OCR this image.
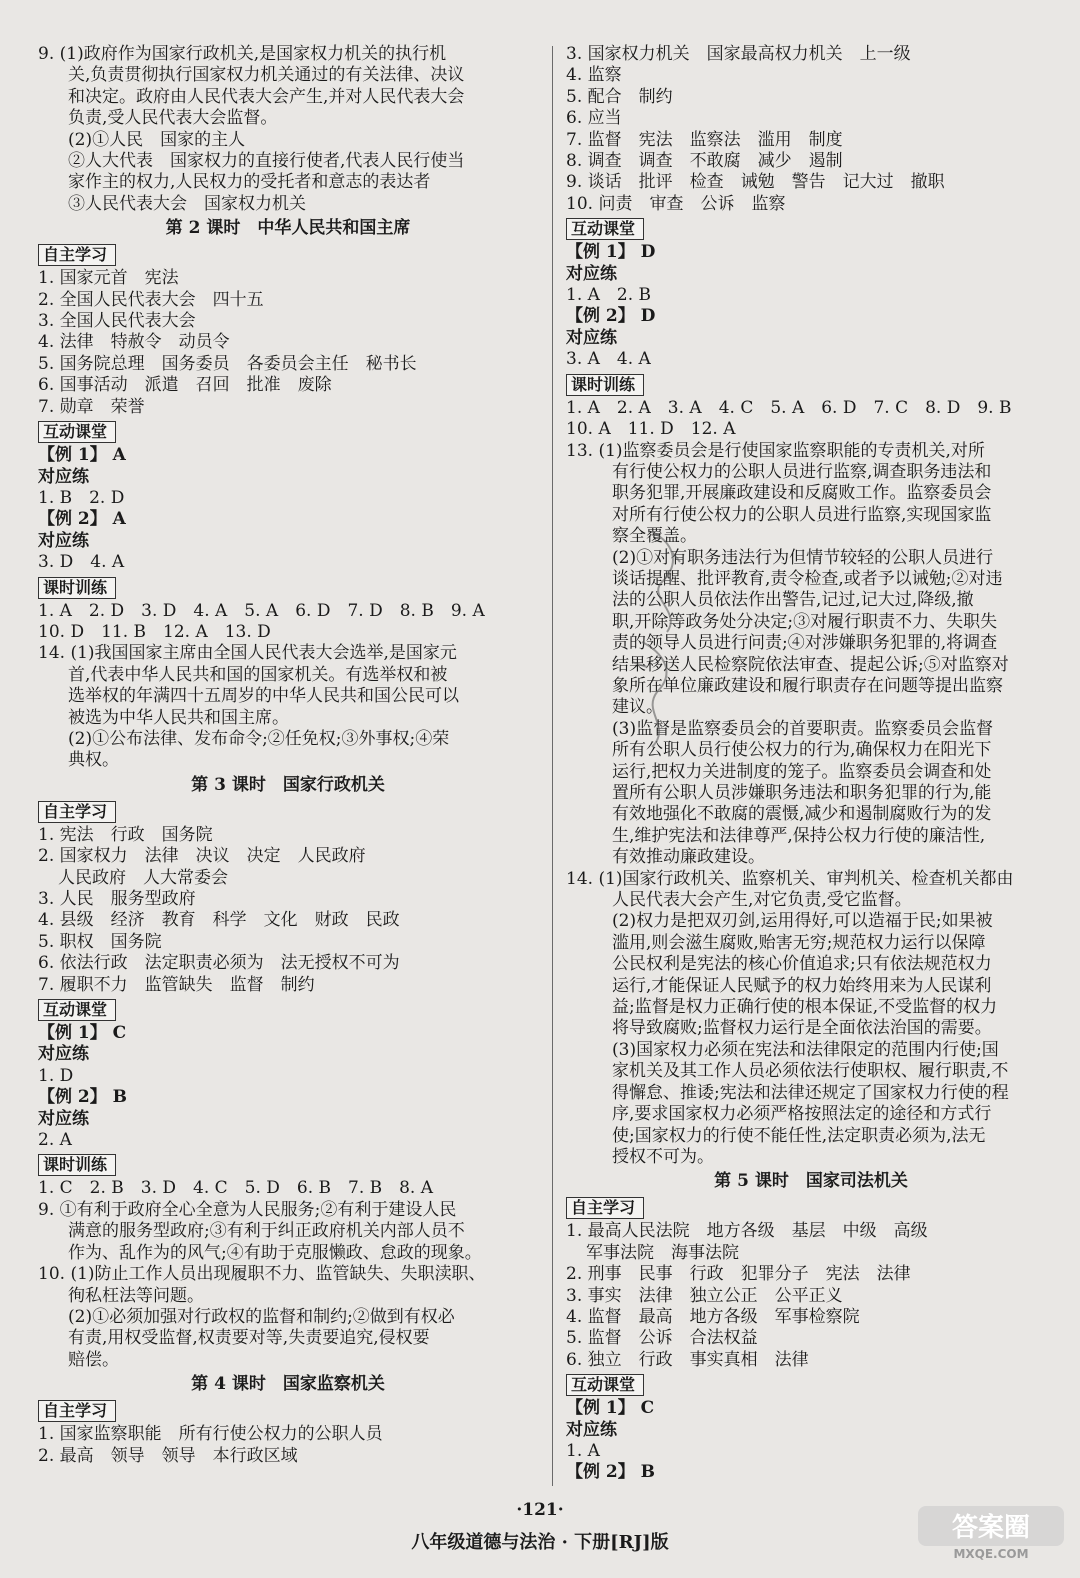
9. (1)政府作为国家行政机关,是国家权力机关的执行机
关,负责贯彻执行国家权力机关通过的有关法律、决议
和决定。政府由人民代表大会产生,并对人民代表大会
负责,受人民代表大会监督。
(2)①人民　国家的主人
②人大代表　国家权力的直接行使者,代表人民行使当
家作主的权力,人民权力的受托者和意志的表达者
③人民代表大会　国家权力机关
第 2 课时　中华人民共和国主席
自主学习
1. 国家元首　宪法
2. 全国人民代表大会　四十五
3. 全国人民代表大会
4. 法律　特赦令　动员令
5. 国务院总理　国务委员　各委员会主任　秘书长
6. 国事活动　派遣　召回　批准　废除
7. 勋章　荣誉
互动课堂
【例 1】 A
对应练
1. B　2. D
【例 2】 A
对应练
3. D　4. A
课时训练
1. A　2. D　3. D　4. A　5. A　6. D　7. D　8. B　9. A
10. D　11. B　12. A　13. D
14. (1)我国国家主席由全国人民代表大会选举,是国家元
首,代表中华人民共和国的国家机关。有选举权和被
选举权的年满四十五周岁的中华人民共和国公民可以
被选为中华人民共和国主席。
(2)①公布法律、发布命令;②任免权;③外事权;④荣
典权。
第 3 课时　国家行政机关
自主学习
1. 宪法　行政　国务院
2. 国家权力　法律　决议　决定　人民政府
人民政府　人大常委会
3. 人民　服务型政府
4. 县级　经济　教育　科学　文化　财政　民政
5. 职权　国务院
6. 依法行政　法定职责必须为　法无授权不可为
7. 履职不力　监管缺失　监督　制约
互动课堂
【例 1】 C
对应练
1. D
【例 2】 B
对应练
2. A
课时训练
1. C　2. B　3. D　4. C　5. D　6. B　7. B　8. A
9. ①有利于政府全心全意为人民服务;②有利于建设人民
满意的服务型政府;③有利于纠正政府机关内部人员不
作为、乱作为的风气;④有助于克服懒政、怠政的现象。
10. (1)防止工作人员出现履职不力、监管缺失、失职渎职、
徇私枉法等问题。
(2)①必须加强对行政权的监督和制约;②做到有权必
有责,用权受监督,权责要对等,失责要追究,侵权要
赔偿。
第 4 课时　国家监察机关
自主学习
1. 国家监察职能　所有行使公权力的公职人员
2. 最高　领导　领导　本行政区域
3. 国家权力机关　国家最高权力机关　上一级
4. 监察
5. 配合　制约
6. 应当
7. 监督　宪法　监察法　滥用　制度
8. 调查　调查　不敢腐　减少　遏制
9. 谈话　批评　检查　诫勉　警告　记大过　撤职
10. 问责　审查　公诉　监察
互动课堂
【例 1】 D
对应练
1. A　2. B
【例 2】 D
对应练
3. A　4. A
课时训练
1. A　2. A　3. A　4. C　5. A　6. D　7. C　8. D　9. B
10. A　11. D　12. A
13. (1)监察委员会是行使国家监察职能的专责机关,对所
有行使公权力的公职人员进行监察,调查职务违法和
职务犯罪,开展廉政建设和反腐败工作。监察委员会
对所有行使公权力的公职人员进行监察,实现国家监
察全覆盖。
(2)①对有职务违法行为但情节较轻的公职人员进行
谈话提醒、批评教育,责令检查,或者予以诫勉;②对违
法的公职人员依法作出警告,记过,记大过,降级,撤
职,开除等政务处分决定;③对履行职责不力、失职失
责的领导人员进行问责;④对涉嫌职务犯罪的,将调查
结果移送人民检察院依法审查、提起公诉;⑤对监察对
象所在单位廉政建设和履行职责存在问题等提出监察
建议。
(3)监督是监察委员会的首要职责。监察委员会监督
所有公职人员行使公权力的行为,确保权力在阳光下
运行,把权力关进制度的笼子。监察委员会调查和处
置所有公职人员涉嫌职务违法和职务犯罪的行为,能
有效地强化不敢腐的震慑,减少和遏制腐败行为的发
生,维护宪法和法律尊严,保持公权力行使的廉洁性,
有效推动廉政建设。
14. (1)国家行政机关、监察机关、审判机关、检查机关都由
人民代表大会产生,对它负责,受它监督。
(2)权力是把双刃剑,运用得好,可以造福于民;如果被
滥用,则会滋生腐败,贻害无穷;规范权力运行以保障
公民权利是宪法的核心价值追求;只有依法规范权力
运行,才能保证人民赋予的权力始终用来为人民谋利
益;监督是权力正确行使的根本保证,不受监督的权力
将导致腐败;监督权力运行是全面依法治国的需要。
(3)国家权力必须在宪法和法律限定的范围内行使;国
家机关及其工作人员必须依法行使职权、履行职责,不
得懈怠、推诿;宪法和法律还规定了国家权力行使的程
序,要求国家权力必须严格按照法定的途径和方式行
使;国家权力的行使不能任性,法定职责必须为,法无
授权不可为。
第 5 课时　国家司法机关
自主学习
1. 最高人民法院　地方各级　基层　中级　高级
军事法院　海事法院
2. 刑事　民事　行政　犯罪分子　宪法　法律
3. 事实　法律　独立公正　公平正义
4. 监督　最高　地方各级　军事检察院
5. 监督　公诉　合法权益
6. 独立　行政　事实真相　法律
互动课堂
【例 1】 C
对应练
1. A
【例 2】 B
·121·
八年级道德与法治 · 下册[RJ]版	答案圈
MXQE.COM
